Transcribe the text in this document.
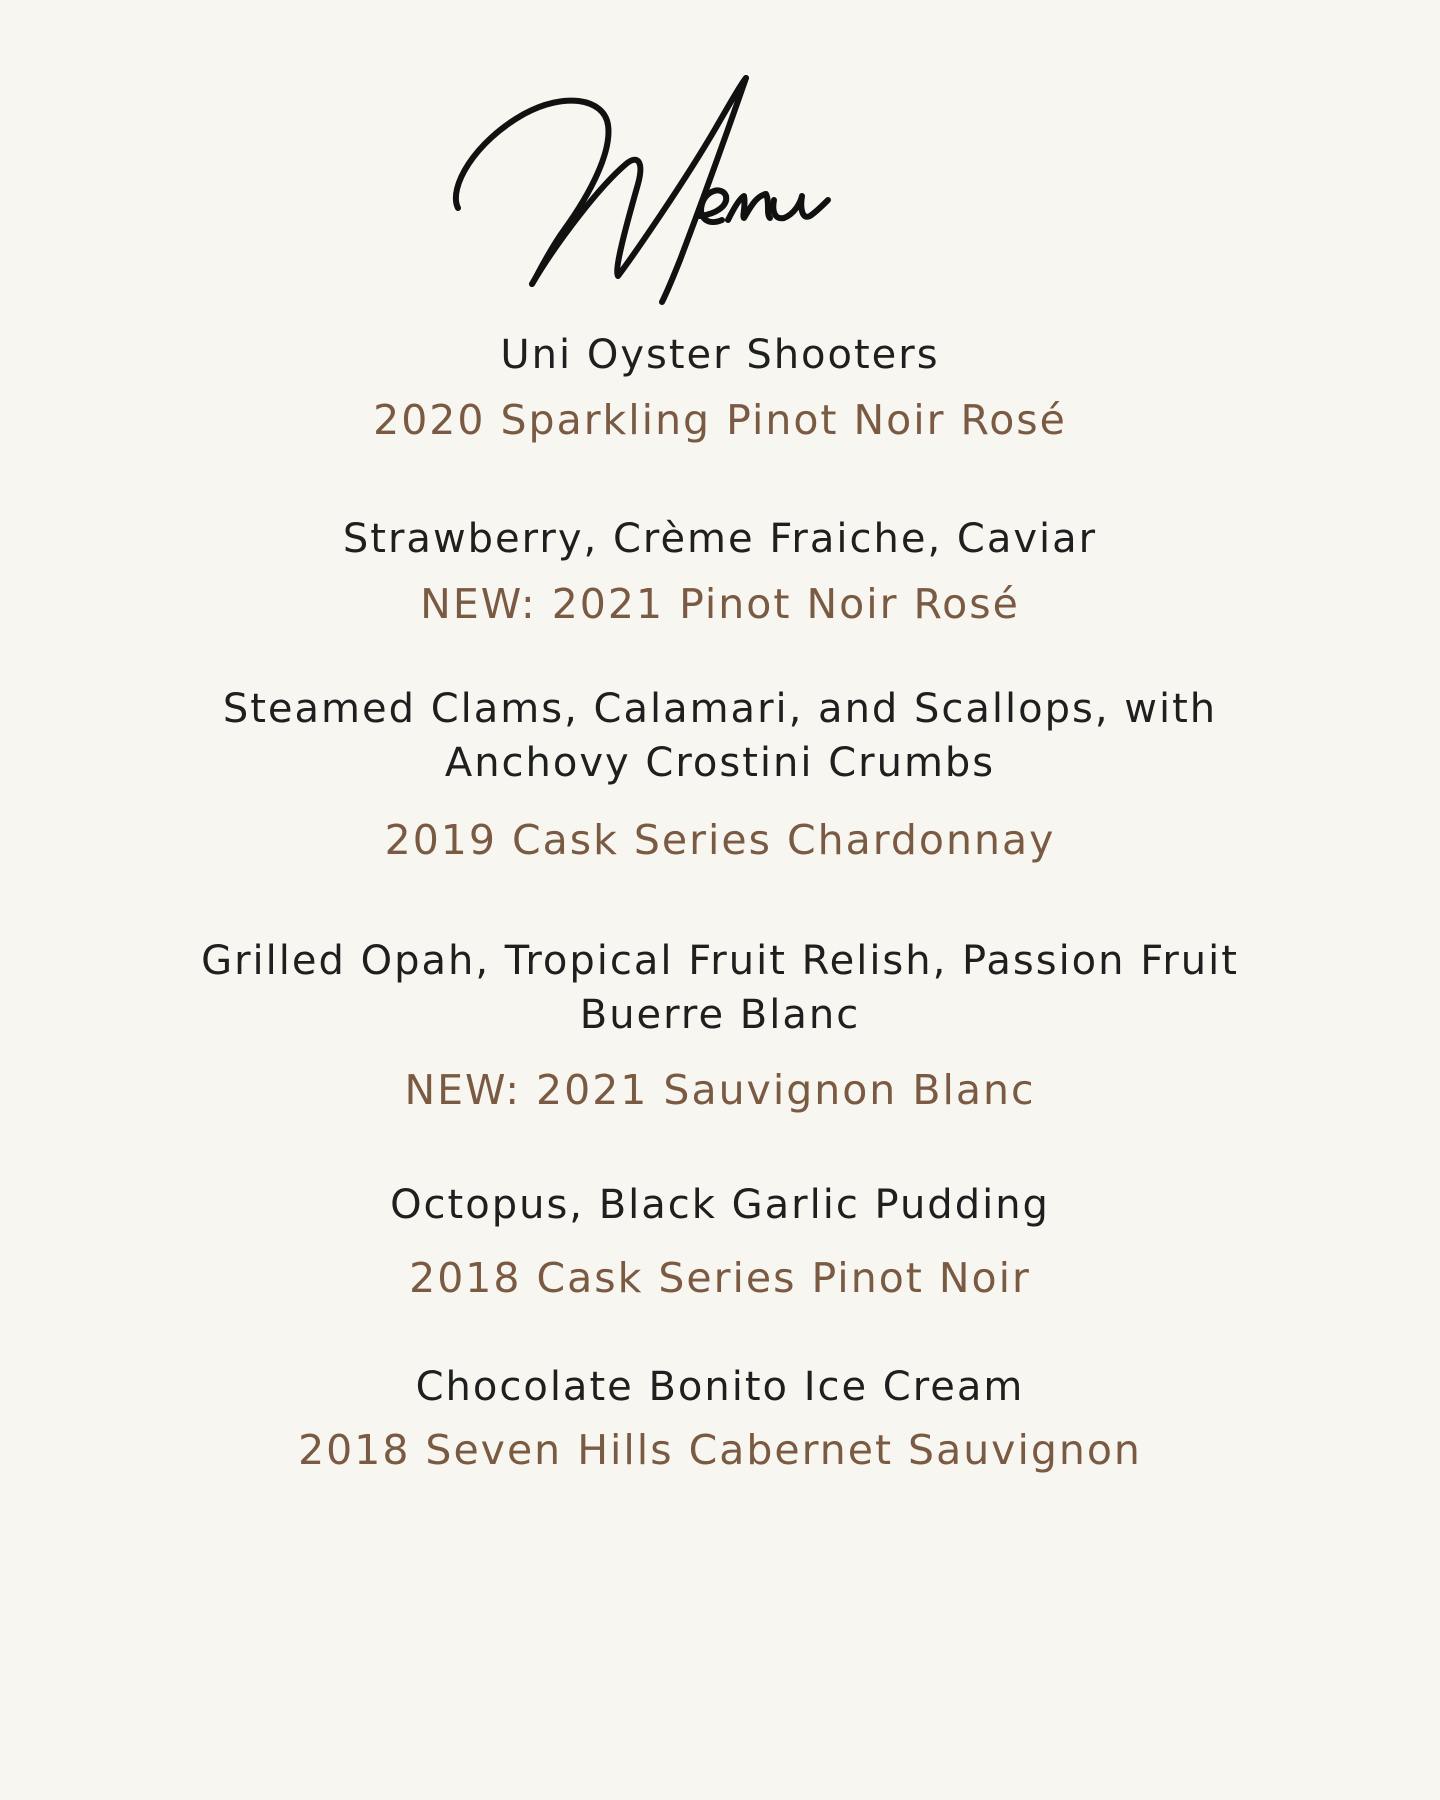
Uni Oyster Shooters
2020 Sparkling Pinot Noir Rosé
Strawberry, Crème Fraiche, Caviar
NEW: 2021 Pinot Noir Rosé
Steamed Clams, Calamari, and Scallops, with
Anchovy Crostini Crumbs
2019 Cask Series Chardonnay
Grilled Opah, Tropical Fruit Relish, Passion Fruit
Buerre Blanc
NEW: 2021 Sauvignon Blanc
Octopus, Black Garlic Pudding
2018 Cask Series Pinot Noir
Chocolate Bonito Ice Cream
2018 Seven Hills Cabernet Sauvignon
